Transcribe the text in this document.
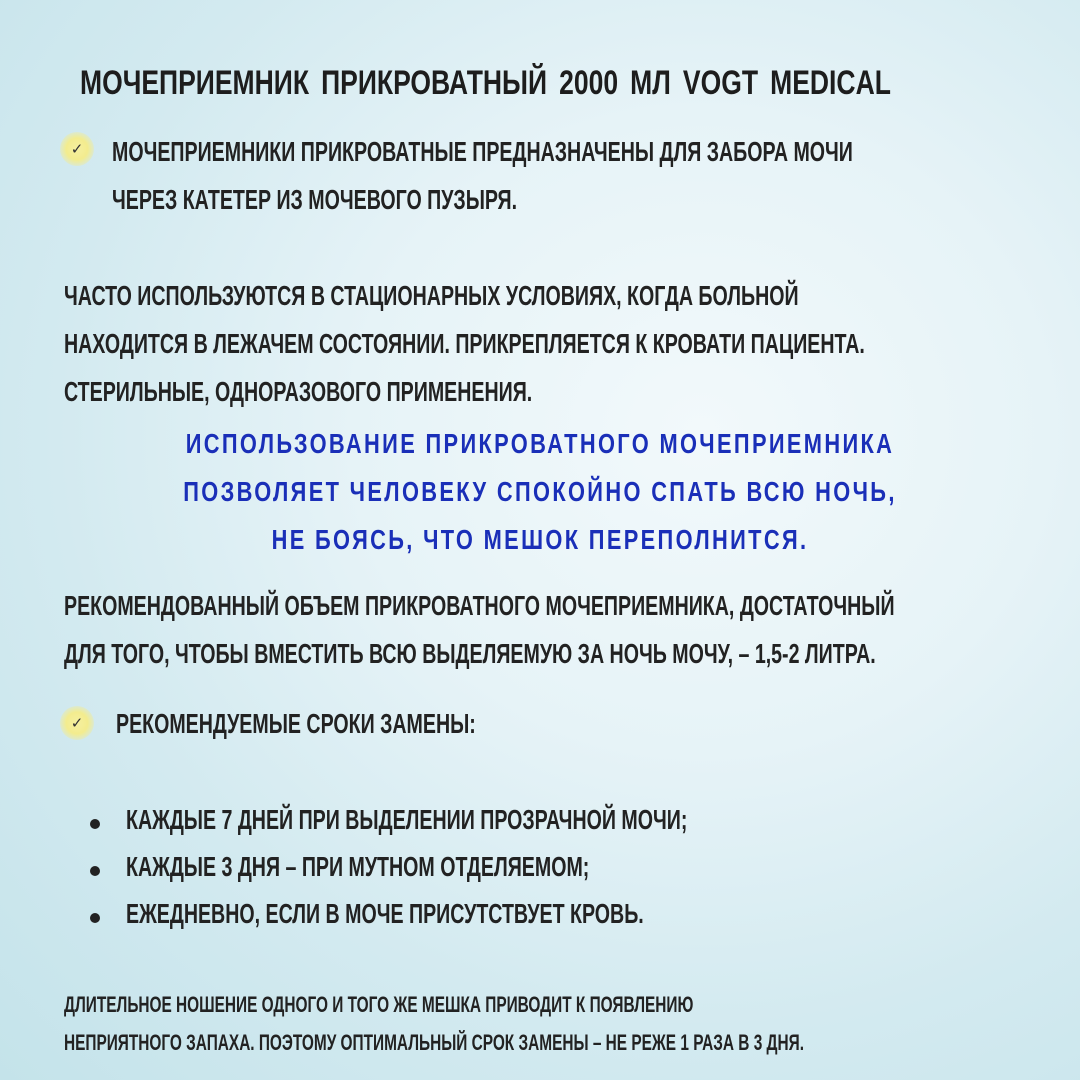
МОЧЕПРИЕМНИК ПРИКРОВАТНЫЙ 2000 МЛ VOGT MEDICAL
✓ МОЧЕПРИЕМНИКИ ПРИКРОВАТНЫЕ ПРЕДНАЗНАЧЕНЫ ДЛЯ ЗАБОРА МОЧИ
ЧЕРЕЗ КАТЕТЕР ИЗ МОЧЕВОГО ПУЗЫРЯ.
ЧАСТО ИСПОЛЬЗУЮТСЯ В СТАЦИОНАРНЫХ УСЛОВИЯХ, КОГДА БОЛЬНОЙ
НАХОДИТСЯ В ЛЕЖАЧЕМ СОСТОЯНИИ. ПРИКРЕПЛЯЕТСЯ К КРОВАТИ ПАЦИЕНТА.
СТЕРИЛЬНЫЕ, ОДНОРАЗОВОГО ПРИМЕНЕНИЯ.
ИСПОЛЬЗОВАНИЕ ПРИКРОВАТНОГО МОЧЕПРИЕМНИКА
ПОЗВОЛЯЕТ ЧЕЛОВЕКУ СПОКОЙНО СПАТЬ ВСЮ НОЧЬ,
НЕ БОЯСЬ, ЧТО МЕШОК ПЕРЕПОЛНИТСЯ.
РЕКОМЕНДОВАННЫЙ ОБЪЕМ ПРИКРОВАТНОГО МОЧЕПРИЕМНИКА, ДОСТАТОЧНЫЙ
ДЛЯ ТОГО, ЧТОБЫ ВМЕСТИТЬ ВСЮ ВЫДЕЛЯЕМУЮ ЗА НОЧЬ МОЧУ, – 1,5-2 ЛИТРА.
✓ РЕКОМЕНДУЕМЫЕ СРОКИ ЗАМЕНЫ:
КАЖДЫЕ 7 ДНЕЙ ПРИ ВЫДЕЛЕНИИ ПРОЗРАЧНОЙ МОЧИ;
КАЖДЫЕ 3 ДНЯ – ПРИ МУТНОМ ОТДЕЛЯЕМОМ;
ЕЖЕДНЕВНО, ЕСЛИ В МОЧЕ ПРИСУТСТВУЕТ КРОВЬ.
ДЛИТЕЛЬНОЕ НОШЕНИЕ ОДНОГО И ТОГО ЖЕ МЕШКА ПРИВОДИТ К ПОЯВЛЕНИЮ
НЕПРИЯТНОГО ЗАПАХА. ПОЭТОМУ ОПТИМАЛЬНЫЙ СРОК ЗАМЕНЫ – НЕ РЕЖЕ 1 РАЗА В 3 ДНЯ.
